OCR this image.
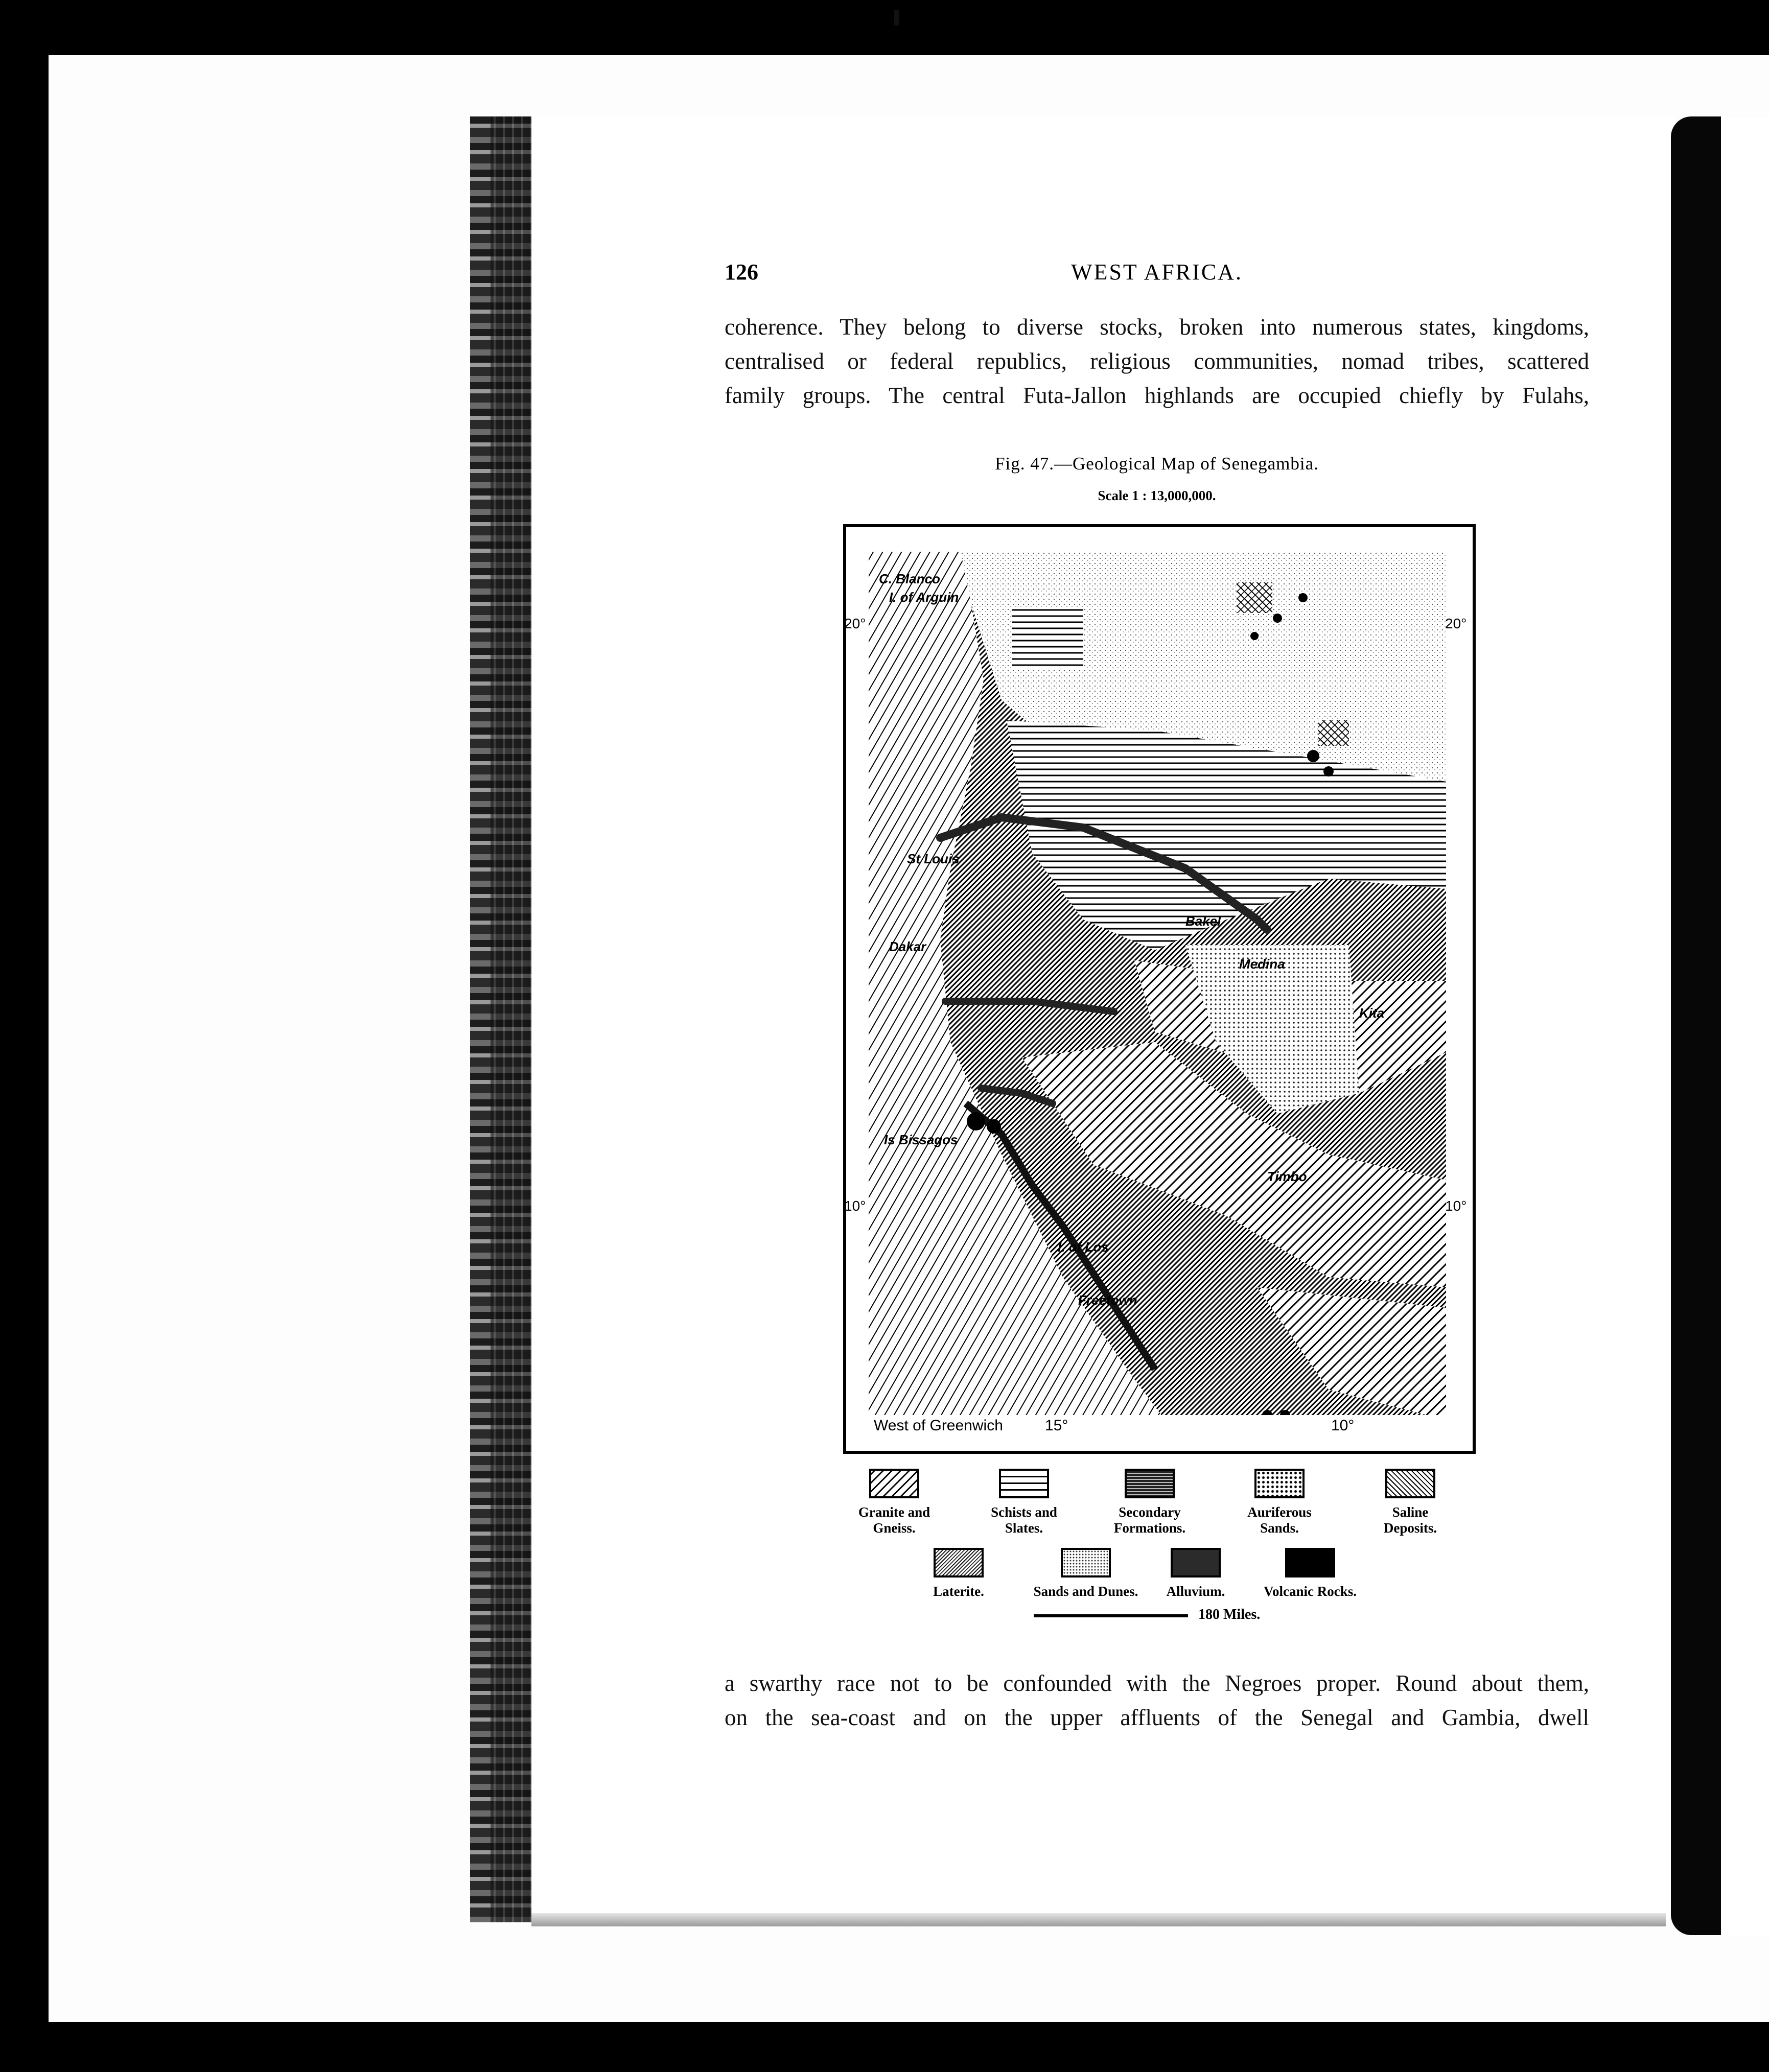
126	WEST AFRICA.
coherence. They belong to diverse stocks, broken into numerous states, kingdoms,
centralised or federal republics, religious communities, nomad tribes, scattered
family groups. The central Futa-Jallon highlands are occupied chiefly by Fulahs,
Fig. 47.—Geological Map of Senegambia.
Scale 1 : 13,000,000.
C. Blanco
I. of Arguin
St Louis
Dakar
Bakel
Medina
Kita
Is Bissagos
Timbo
I. of Los
Freetown
20°	20°
10°	10°
West of Greenwich	15°	10°
Granite and
Gneiss.
Schists and
Slates.
Secondary
Formations.
Auriferous
Sands.
Saline
Deposits.
Laterite.	Sands and Dunes.	Alluvium.	Volcanic Rocks.
180 Miles.
a swarthy race not to be confounded with the Negroes proper. Round about them,
on the sea-coast and on the upper affluents of the Senegal and Gambia, dwell
